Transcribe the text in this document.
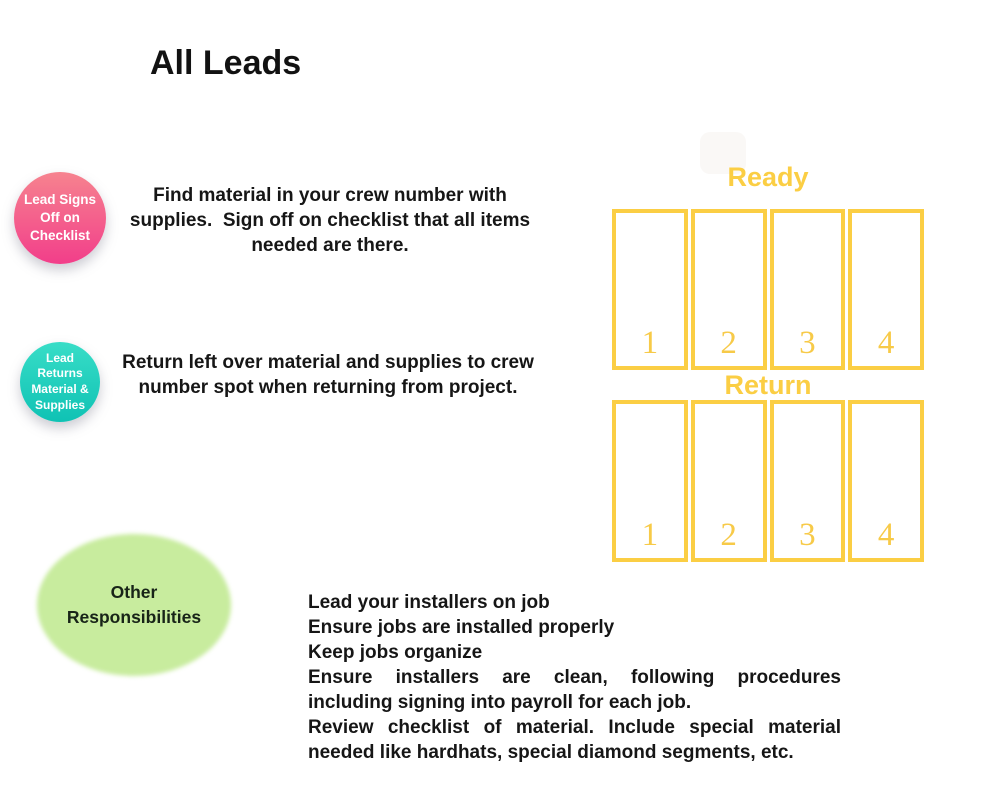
All Leads
Lead Signs
Off on
Checklist

Find material in your crew number with supplies.  Sign off on checklist that all items needed are there.

Lead
Returns
Material &
Supplies

Return left over material and supplies to crew number spot when returning from project.

Ready
1 2 3 4
Return
1 2 3 4
Other Responsibilities

Lead your installers on job

Ensure jobs are installed properly

Keep jobs organize

Ensure installers are clean, following procedures including signing into payroll for each job.

Review checklist of material. Include special material needed like hardhats, special diamond segments, etc.
